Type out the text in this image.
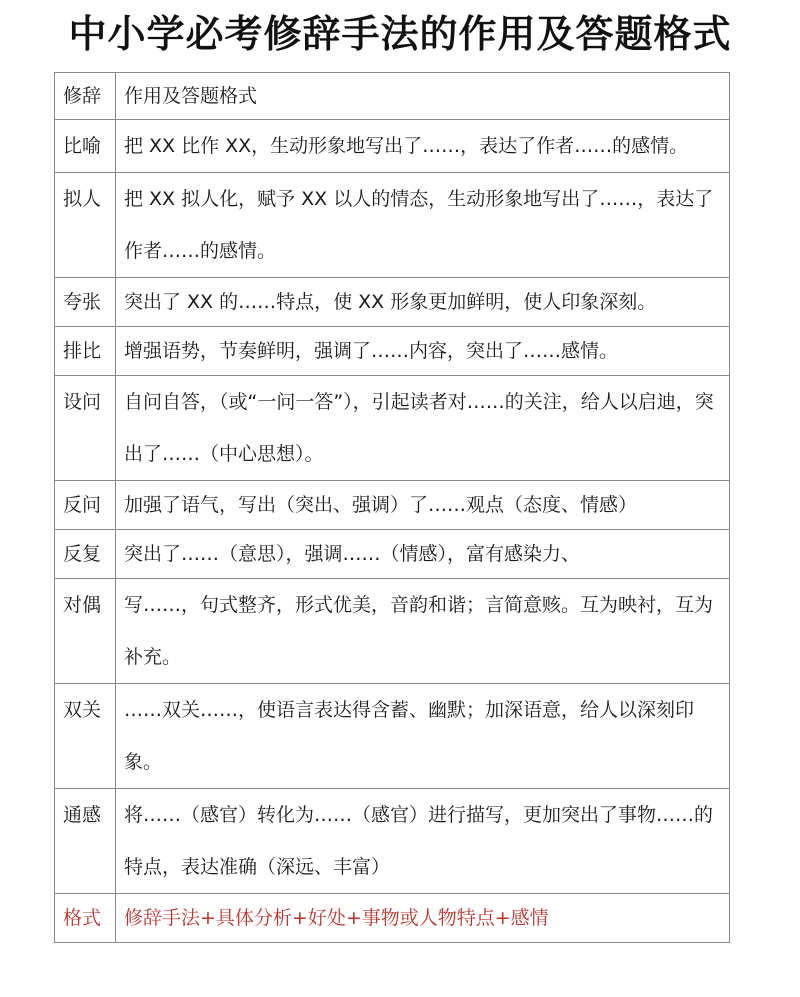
中小学必考修辞手法的作用及答题格式
修辞	作用及答题格式
比喻	把 XX 比作 XX，生动形象地写出了……，表达了作者……的感情。
拟人	把 XX 拟人化，赋予 XX 以人的情态，生动形象地写出了……，表达了作者……的感情。
夸张	突出了 XX 的……特点，使 XX 形象更加鲜明，使人印象深刻。
排比	增强语势，节奏鲜明，强调了……内容，突出了……感情。
设问	自问自答，（或“一问一答”），引起读者对……的关注，给人以启迪，突出了……（中心思想）。
反问	加强了语气，写出（突出、强调）了……观点（态度、情感）
反复	突出了……（意思），强调……（情感），富有感染力、
对偶	写……，句式整齐，形式优美，音韵和谐；言简意赅。互为映衬，互为补充。
双关	……双关……，使语言表达得含蓄、幽默；加深语意，给人以深刻印象。
通感	将……（感官）转化为……（感官）进行描写，更加突出了事物……的特点，表达准确（深远、丰富）
格式	修辞手法+具体分析+好处+事物或人物特点+感情
